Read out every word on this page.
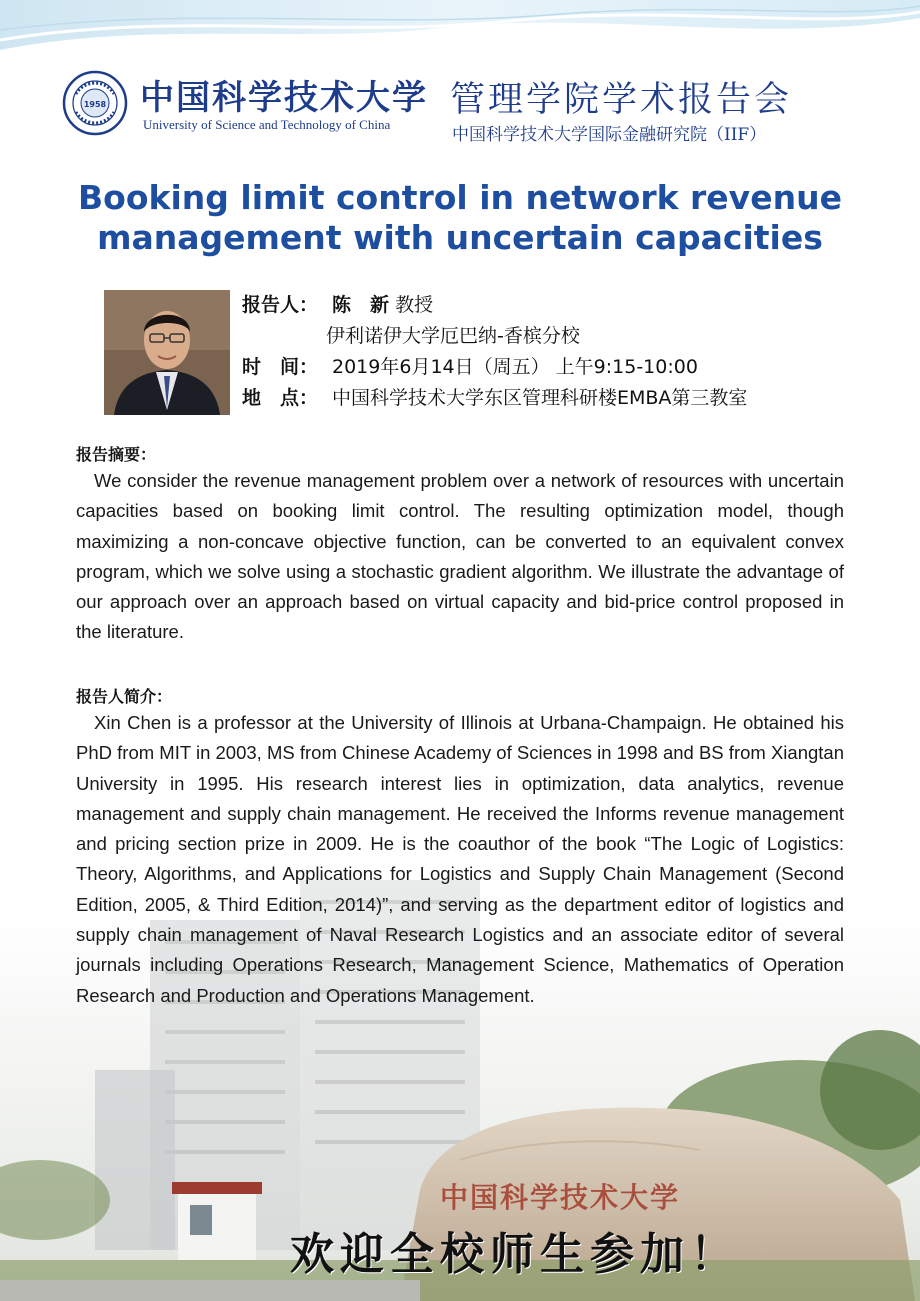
1958 中国科学技术大学
University of Science and Technology of China
管理学院学术报告会
中国科学技术大学国际金融研究院（IIF）
Booking limit control in network revenue
management with uncertain capacities
报告人： 陈　新 教授
伊利诺伊大学厄巴纳-香槟分校
时　间： 2019年6月14日（周五） 上午9:15-10:00
地　点： 中国科学技术大学东区管理科研楼EMBA第三教室
报告摘要：
We consider the revenue management problem over a network of resources with uncertain capacities based on booking limit control. The resulting optimization model, though maximizing a non-concave objective function, can be converted to an equivalent convex program, which we solve using a stochastic gradient algorithm. We illustrate the advantage of our approach over an approach based on virtual capacity and bid-price control proposed in the literature.
报告人简介：
Xin Chen is a professor at the University of Illinois at Urbana-Champaign. He obtained his PhD from MIT in 2003, MS from Chinese Academy of Sciences in 1998 and BS from Xiangtan University in 1995. His research interest lies in optimization, data analytics, revenue management and supply chain management. He received the Informs revenue management and pricing section prize in 2009. He is the coauthor of the book “The Logic of Logistics: Theory, Algorithms, and Applications for Logistics and Supply Chain Management (Second Edition, 2005, & Third Edition, 2014)”, and serving as the department editor of logistics and supply chain management of Naval Research Logistics and an associate editor of several journals including Operations Research, Management Science, Mathematics of Operation Research and Production and Operations Management.
中国科学技术大学
欢迎全校师生参加！
